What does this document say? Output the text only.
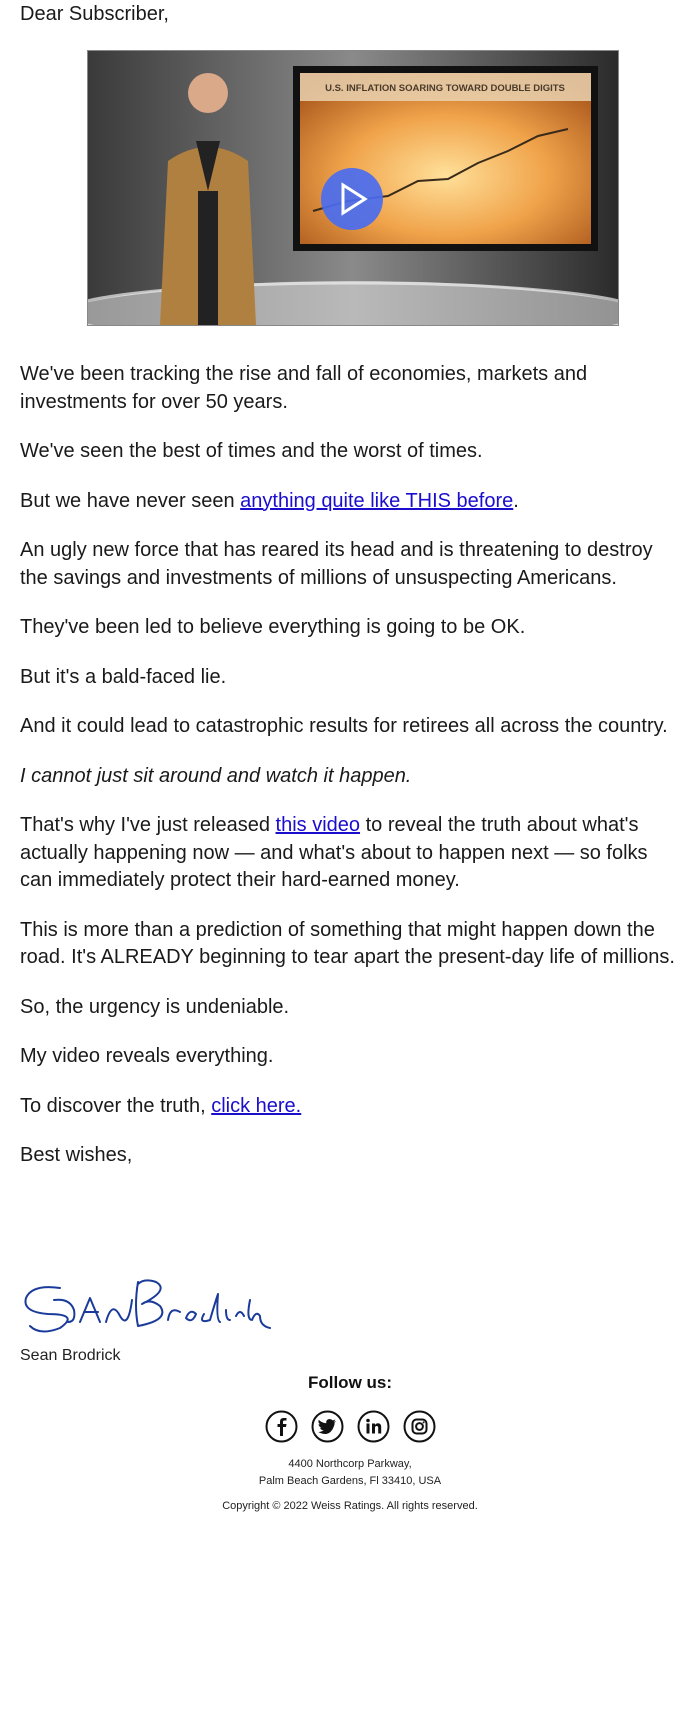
Dear Subscriber,
U.S. INFLATION SOARING TOWARD DOUBLE DIGITS

We've been tracking the rise and fall of economies, markets and investments for over 50 years.

We've seen the best of times and the worst of times.

But we have never seen anything quite like THIS before.

An ugly new force that has reared its head and is threatening to destroy the savings and investments of millions of unsuspecting Americans.

They've been led to believe everything is going to be OK.

But it's a bald-faced lie.

And it could lead to catastrophic results for retirees all across the country.

I cannot just sit around and watch it happen.

That's why I've just released this video to reveal the truth about what's actually happening now — and what's about to happen next — so folks can immediately protect their hard-earned money.

This is more than a prediction of something that might happen down the road. It's ALREADY beginning to tear apart the present-day life of millions.

So, the urgency is undeniable.

My video reveals everything.

To discover the truth, click here.

Best wishes,

Sean Brodrick
Follow us:
4400 Northcorp Parkway,
Palm Beach Gardens, Fl 33410, USA
Copyright © 2022 Weiss Ratings. All rights reserved.
